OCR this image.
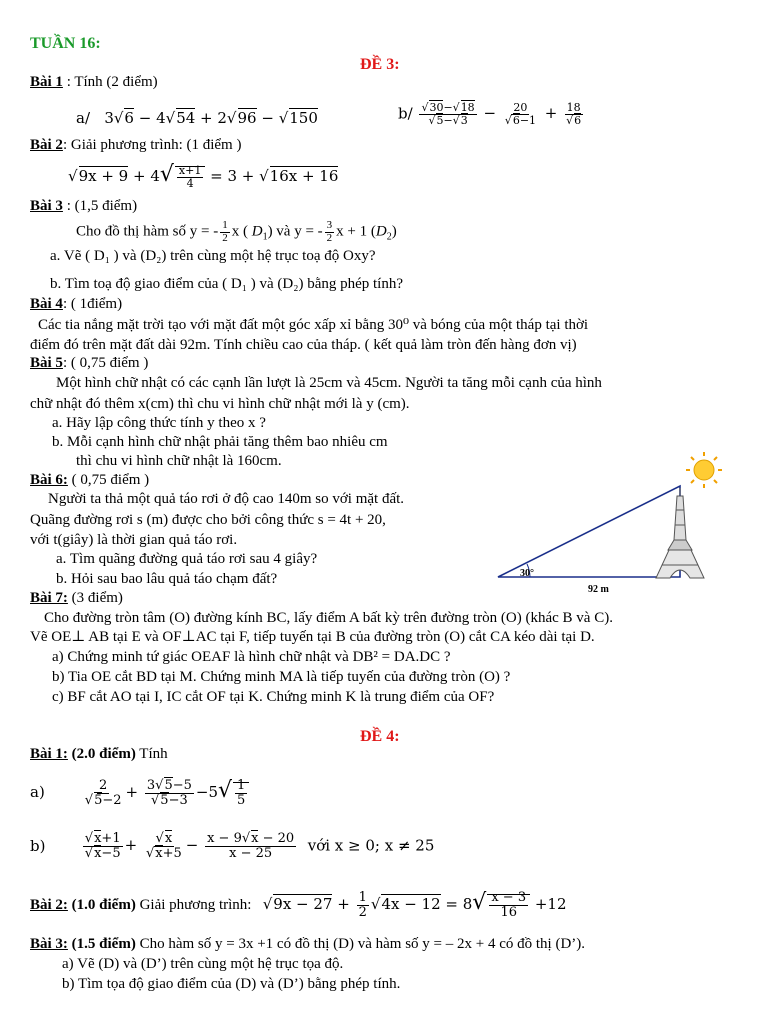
TUẦN 16:
ĐỀ 3:
Bài 1 : Tính (2 điểm)
a/ 3√6 − 4√54 + 2√96 − √150	$b/ \frac{√30-√18}{√5-√3} - \frac{20}{√6-1} + \frac{18}{√6}$
Bài 2: Giải phương trình: (1 điểm )
$√9x + 9 + 4√ \frac{x+1}{4} = 3 + √16x + 16$
Bài 3 : (1,5 điểm)
Cho đồ thị hàm số y = - $\frac{1}{2}$ x ( $D_1$) và y = - $\frac{3}{2}$ x + 1 $(D_2)$
a. Vẽ ( D₁ ) và (D₂) trên cùng một hệ trục toạ độ Oxy?
b. Tìm toạ độ giao điểm của ( D₁ ) và (D₂) bằng phép tính?
Bài 4: ( 1điểm)
Các tia nắng mặt trời tạo với mặt đất một góc xấp xỉ bằng 30⁰ và bóng của một tháp tại thời
điểm đó trên mặt đất dài 92m. Tính chiều cao của tháp. ( kết quả làm tròn đến hàng đơn vị)
Bài 5: ( 0,75 điểm )
Một hình chữ nhật có các cạnh lần lượt là 25cm và 45cm. Người ta tăng mỗi cạnh của hình
chữ nhật đó thêm x(cm) thì chu vi hình chữ nhật mới là y (cm).
a. Hãy lập công thức tính y theo x ?
b. Mỗi cạnh hình chữ nhật phải tăng thêm bao nhiêu cm
thì chu vi hình chữ nhật là 160cm.
Bài 6: ( 0,75 điểm )
Người ta thả một quả táo rơi ở độ cao 140m so với mặt đất.
Quãng đường rơi s (m) được cho bởi công thức s = 4t + 20,
với t(giây) là thời gian quả táo rơi.
a. Tìm quãng đường quả táo rơi sau 4 giây?
b. Hỏi sau bao lâu quả táo chạm đất?	30°
92 m
Bài 7: (3 điểm)
Cho đường tròn tâm (O) đường kính BC, lấy điểm A bất kỳ trên đường tròn (O) (khác B và C).
Vẽ OE⊥ AB tại E và OF⊥AC tại F, tiếp tuyến tại B của đường tròn (O) cắt CA kéo dài tại D.
a) Chứng minh tứ giác OEAF là hình chữ nhật và DB² = DA.DC ?
b) Tia OE cắt BD tại M. Chứng minh MA là tiếp tuyến của đường tròn (O) ?
c) BF cắt AO tại I, IC cắt OF tại K. Chứng minh K là trung điểm của OF?
ĐỀ 4:
Bài 1: (2.0 điểm) Tính
a)	$\frac{2}{√5-2} + \frac{3√5-5}{√5-3} -5√ \frac{1}{5}$
b)	$\frac{√x+1}{√x-5} + \frac{√x}{√x+5} - \frac{x - 9√x - 20}{x - 25}$ với x ≥ 0; x ≠ 25
Bài 2: (1.0 điểm) Giải phương trình: $√9x - 27 + \frac{1}{2} √4x - 12 = 8√ \frac{x - 3}{16} +12$
Bài 3: (1.5 điểm) Cho hàm số y = 3x +1 có đồ thị (D) và hàm số y = – 2x + 4 có đồ thị (D’).
a) Vẽ (D) và (D’) trên cùng một hệ trục tọa độ.
b) Tìm tọa độ giao điểm của (D) và (D’) bằng phép tính.
